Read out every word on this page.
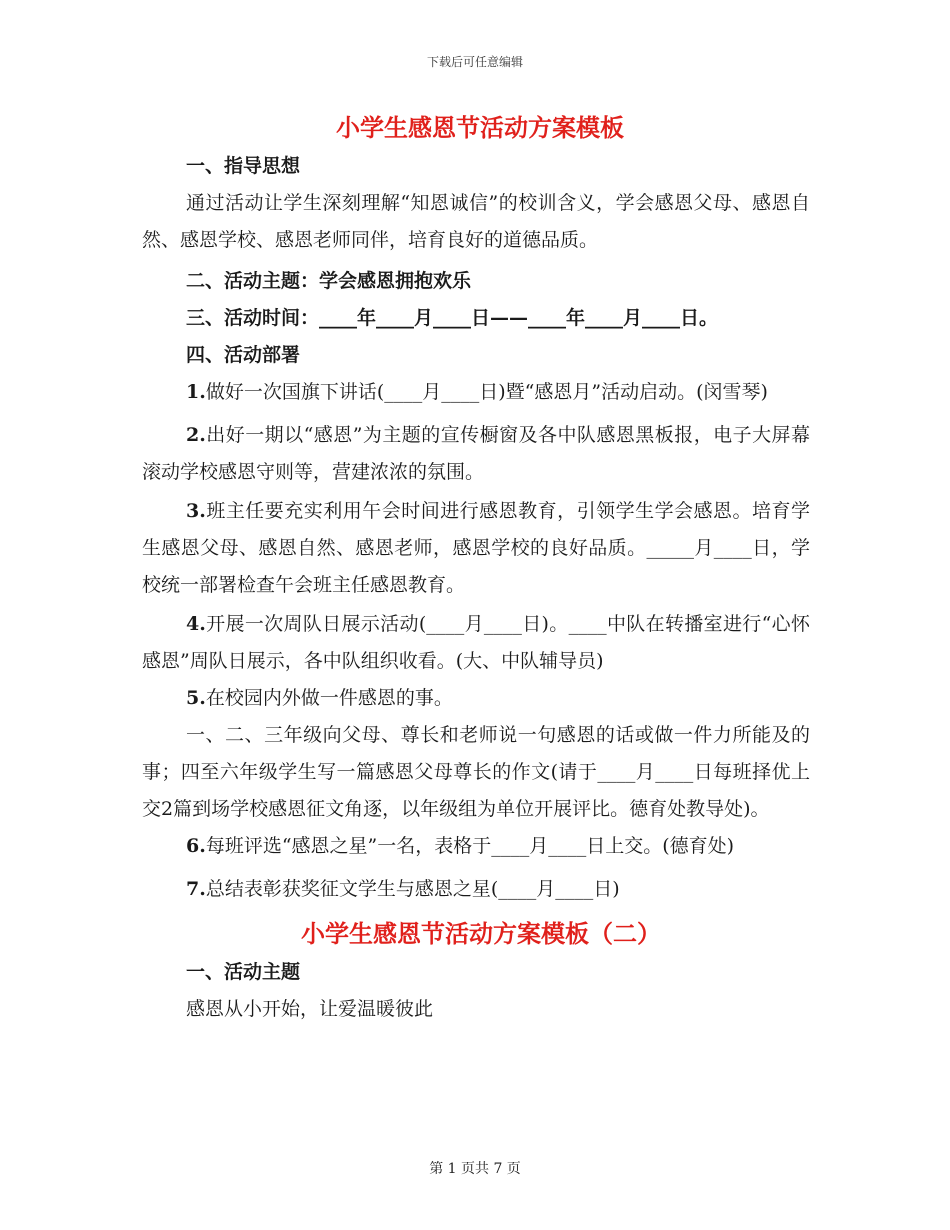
下载后可任意编辑
小学生感恩节活动方案模板
一、指导思想

通过活动让学生深刻理解“知恩诚信”的校训含义，学会感恩父母、感恩自然、感恩学校、感恩老师同伴，培育良好的道德品质。

二、活动主题：学会感恩拥抱欢乐
三、活动时间：____年____月____日——____年____月____日。
四、活动部署

1.做好一次国旗下讲话(____月____日)暨“感恩月”活动启动。(闵雪琴)

2.出好一期以“感恩”为主题的宣传橱窗及各中队感恩黑板报，电子大屏幕滚动学校感恩守则等，营建浓浓的氛围。

3.班主任要充实利用午会时间进行感恩教育，引领学生学会感恩。培育学生感恩父母、感恩自然、感恩老师，感恩学校的良好品质。_____月____日，学校统一部署检查午会班主任感恩教育。

4.开展一次周队日展示活动(____月____日)。____中队在转播室进行“心怀感恩”周队日展示，各中队组织收看。(大、中队辅导员)

5.在校园内外做一件感恩的事。

一、二、三年级向父母、尊长和老师说一句感恩的话或做一件力所能及的事；四至六年级学生写一篇感恩父母尊长的作文(请于____月____日每班择优上交2篇到场学校感恩征文角逐，以年级组为单位开展评比。德育处教导处)。

6.每班评选“感恩之星”一名，表格于____月____日上交。(德育处)

7.总结表彰获奖征文学生与感恩之星(____月____日)

小学生感恩节活动方案模板（二）
一、活动主题

感恩从小开始，让爱温暖彼此

第 1 页共 7 页
